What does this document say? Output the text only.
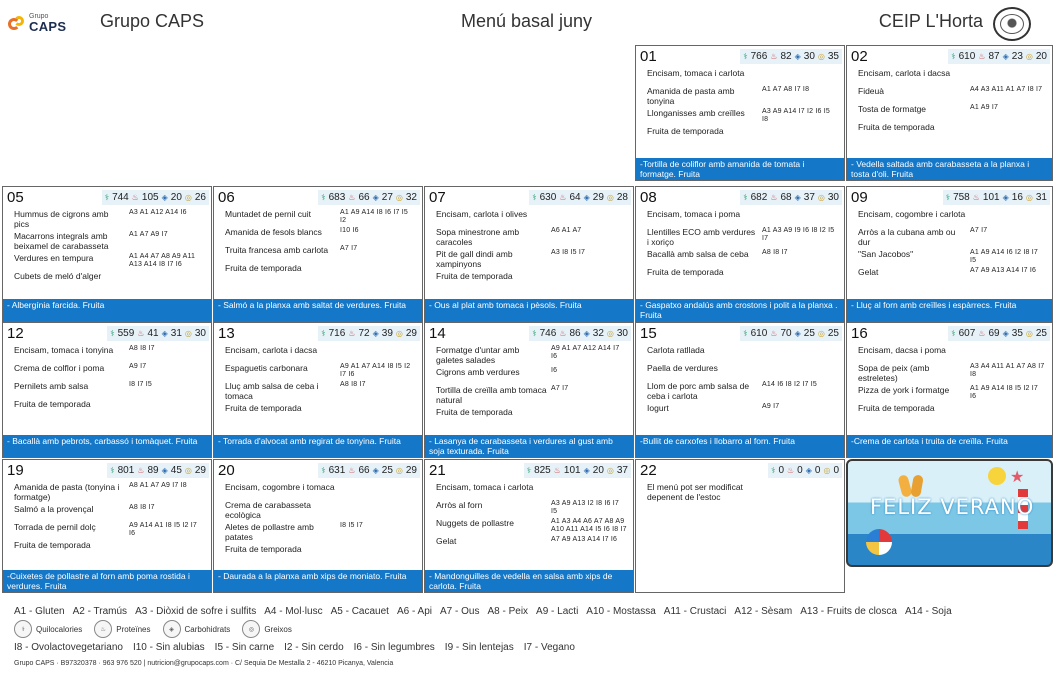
Grupo
CAPS Grupo CAPS	Menú basal juny	CEIP L'Horta
01	⚕ 766 ♨ 82 ◈ 30 ◎ 35
Encisam, tomaca i carlota
Amanida de pasta amb tonyina
A1 A7 A8 I7 I8
Llonganisses amb creïlles	A3 A9 A14 I7 I2 I6 I5 I8
Fruita de temporada
-Tortilla de coliflor amb amanida de tomata i formatge. Fruita
02	⚕ 610 ♨ 87 ◈ 23 ◎ 20
Encisam, carlota i dacsa
Fideuà	A4 A3 A11 A1 A7 I8 I7
Tosta de formatge	A1 A9 I7
Fruita de temporada
- Vedella saltada amb carabasseta a la planxa i tosta d'oli. Fruita
05	⚕ 744 ♨ 105 ◈ 20 ◎ 26
Hummus de cigrons amb pics
A3 A1 A12 A14 I6
Macarrons integrals amb beixamel de carabasseta
A1 A7 A9 I7
Verdures en tempura	A1 A4 A7 A8 A9 A11 A13 A14 I8 I7 I6
Cubets de meló d'alger
- Albergínia farcida. Fruita
06	⚕ 683 ♨ 66 ◈ 27 ◎ 32
Muntadet de pernil cuit	A1 A9 A14 I8 I6 I7 I5 I2
Amanida de fesols blancs	I10 I6
Truita francesa amb carlota	A7 I7
Fruita de temporada
- Salmó a la planxa amb saltat de verdures. Fruita
07	⚕ 630 ♨ 64 ◈ 29 ◎ 28
Encisam, carlota i olives
Sopa minestrone amb caracoles
A6 A1 A7
Pit de gall dindi amb xampinyons
A3 I8 I5 I7
Fruita de temporada
- Ous al plat amb tomaca i pèsols. Fruita
08	⚕ 682 ♨ 68 ◈ 37 ◎ 30
Encisam, tomaca i poma
Llentilles ECO amb verdures i xoriço
A1 A3 A9 I9 I6 I8 I2 I5 I7
Bacallà amb salsa de ceba	A8 I8 I7
Fruita de temporada
- Gaspatxo andalús amb crostons i polit a la planxa . Fruita
09	⚕ 758 ♨ 101 ◈ 16 ◎ 31
Encisam, cogombre i carlota
Arròs a la cubana amb ou dur
A7 I7
"San Jacobos"	A1 A9 A14 I6 I2 I8 I7 I5
Gelat	A7 A9 A13 A14 I7 I6
- Lluç al forn amb creïlles i espàrrecs. Fruita
12	⚕ 559 ♨ 41 ◈ 31 ◎ 30
Encisam, tomaca i tonyina	A8 I8 I7
Crema de colflor i poma	A9 I7
Pernilets amb salsa	I8 I7 I5
Fruita de temporada
- Bacallà amb pebrots, carbassó i tomàquet. Fruita
13	⚕ 716 ♨ 72 ◈ 39 ◎ 29
Encisam, carlota i dacsa
Espaguetis carbonara	A9 A1 A7 A14 I8 I5 I2 I7 I6
Lluç amb salsa de ceba i tomaca
A8 I8 I7
Fruita de temporada
- Torrada d'alvocat amb regirat de tonyina. Fruita
14	⚕ 746 ♨ 86 ◈ 32 ◎ 30
Formatge d'untar amb galetes salades
A9 A1 A7 A12 A14 I7 I6
Cigrons amb verdures	I6
Tortilla de creïlla amb tomaca natural
A7 I7
Fruita de temporada
- Lasanya de carabasseta i verdures al gust amb soja texturada. Fruita
15	⚕ 610 ♨ 70 ◈ 25 ◎ 25
Carlota ratllada
Paella de verdures
Llom de porc amb salsa de ceba i carlota
A14 I6 I8 I2 I7 I5
Iogurt	A9 I7
-Bullit de carxofes i llobarro al forn. Fruita
16	⚕ 607 ♨ 69 ◈ 35 ◎ 25
Encisam, dacsa i poma
Sopa de peix (amb estreletes)
A3 A4 A11 A1 A7 A8 I7 I8
Pizza de york i formatge	A1 A9 A14 I8 I5 I2 I7 I6
Fruita de temporada
-Crema de carlota i truita de creïlla. Fruita
19	⚕ 801 ♨ 89 ◈ 45 ◎ 29
Amanida de pasta (tonyina i formatge)
A8 A1 A7 A9 I7 I8
Salmó a la provençal	A8 I8 I7
Torrada de pernil dolç	A9 A14 A1 I8 I5 I2 I7 I6
Fruita de temporada
-Cuixetes de pollastre al forn amb poma rostida i verdures. Fruita
20	⚕ 631 ♨ 66 ◈ 25 ◎ 29
Encisam, cogombre i tomaca
Crema de carabasseta ecològica
Aletes de pollastre amb patates
I8 I5 I7
Fruita de temporada
- Daurada a la planxa amb xips de moniato. Fruita
21	⚕ 825 ♨ 101 ◈ 20 ◎ 37
Encisam, tomaca i carlota
Arròs al forn	A3 A9 A13 I2 I8 I6 I7 I5
Nuggets de pollastre	A1 A3 A4 A6 A7 A8 A9 A10 A11 A14 I5 I6 I8 I7
Gelat	A7 A9 A13 A14 I7 I6
- Mandonguilles de vedella en salsa amb xips de carlota. Fruita
22	⚕ 0 ♨ 0 ◈ 0 ◎ 0
El menú pot ser modificat depenent de l'estoc
★
FELIZ VERANO
A1 - Gluten A2 - Tramús A3 - Diòxid de sofre i sulfits A4 - Mol·lusc A5 - Cacauet A6 - Api A7 - Ous A8 - Peix A9 - Lacti A10 - Mostassa A11 - Crustaci A12 - Sèsam A13 - Fruits de closca A14 - Soja
⚕	Quilocalories	♨	Proteïnes	◈	Carbohidrats	◎	Greixos
I8 - Ovolactovegetariano I10 - Sin alubias I5 - Sin carne I2 - Sin cerdo I6 - Sin legumbres I9 - Sin lentejas I7 - Vegano
Grupo CAPS · B97320378 · 963 976 520 | nutricion@grupocaps.com · C/ Sequia De Mestalla 2 - 46210 Picanya, Valencia
